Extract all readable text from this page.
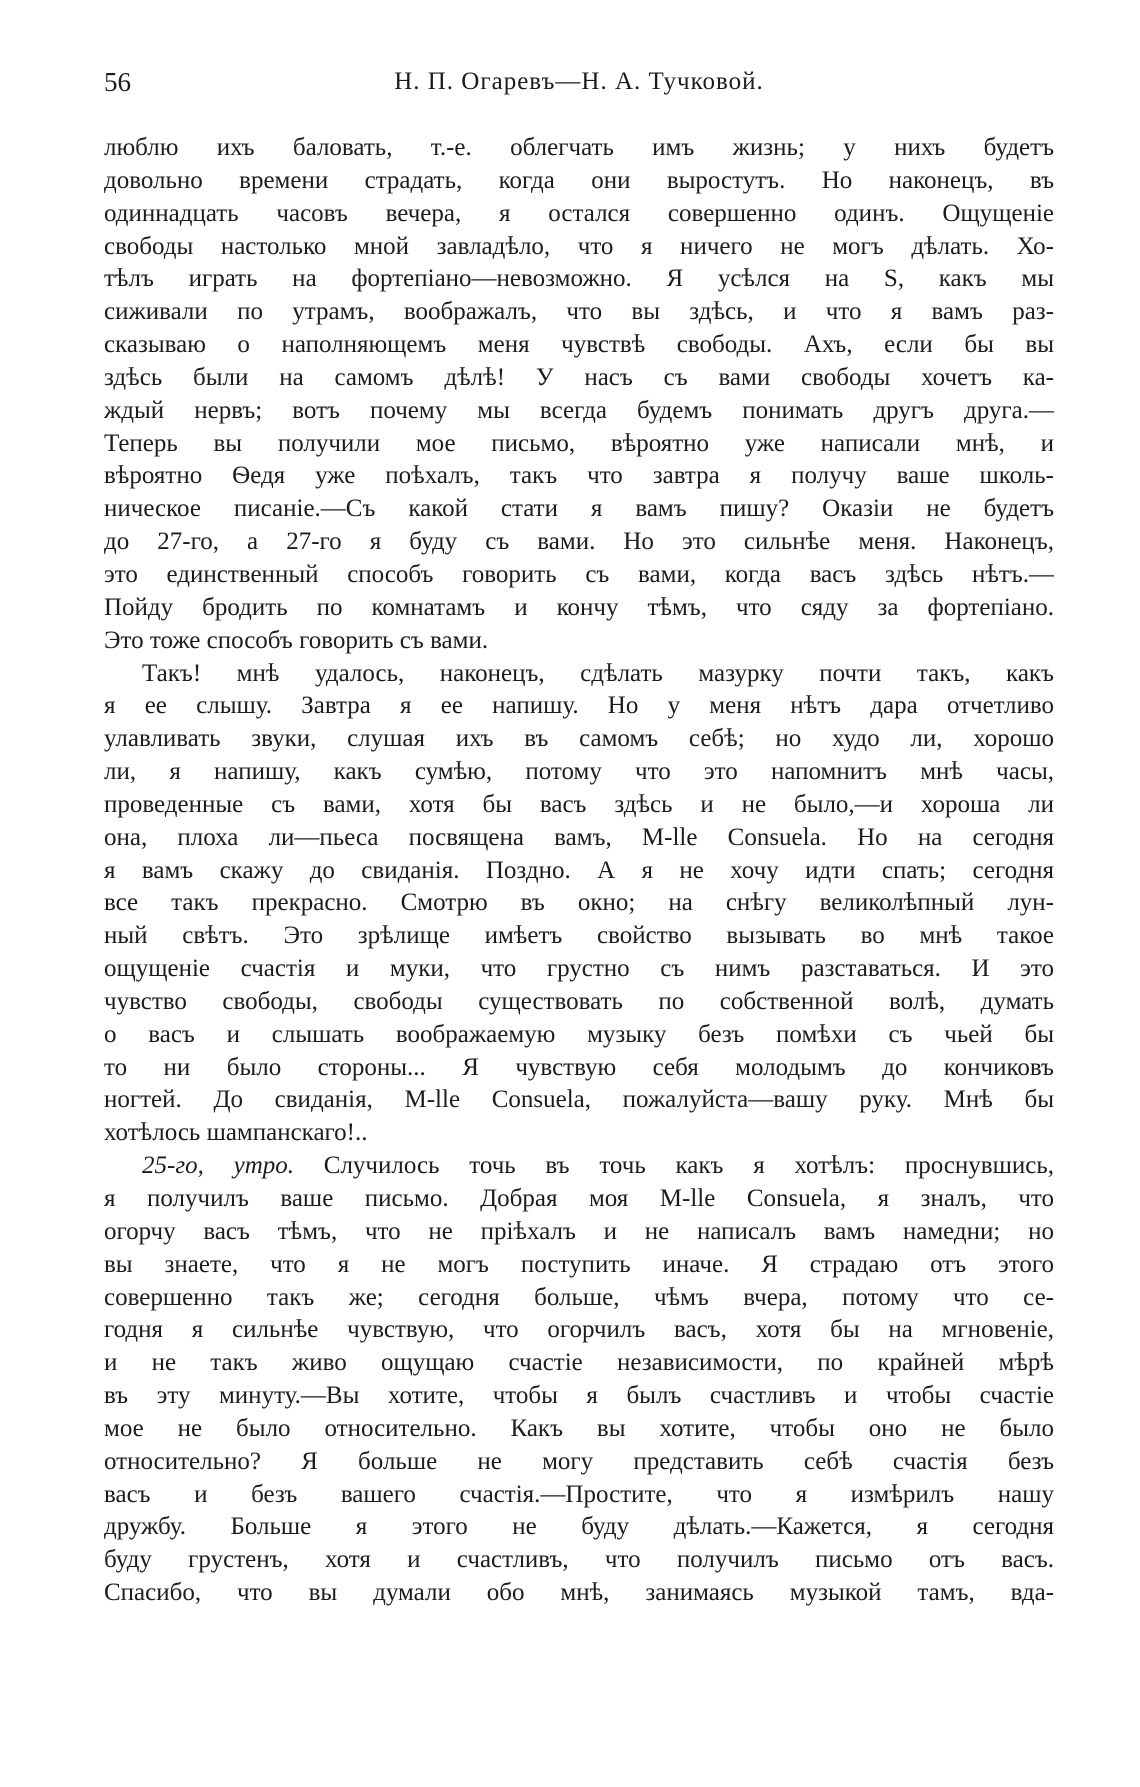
56	Н. П. Огаревъ—Н. А. Тучковой.
люблю ихъ баловать, т.-е. облегчать имъ жизнь; у нихъ будетъ
довольно времени страдать, когда они выростутъ. Но наконецъ, въ
одиннадцать часовъ вечера, я остался совершенно одинъ. Ощущеніе
свободы настолько мной завладѣло, что я ничего не могъ дѣлать. Хо-
тѣлъ играть на фортепіано—невозможно. Я усѣлся на S, какъ мы
сиживали по утрамъ, воображалъ, что вы здѣсь, и что я вамъ раз-
сказываю о наполняющемъ меня чувствѣ свободы. Ахъ, если бы вы
здѣсь были на самомъ дѣлѣ! У насъ съ вами свободы хочетъ ка-
ждый нервъ; вотъ почему мы всегда будемъ понимать другъ друга.—
Теперь вы получили мое письмо, вѣроятно уже написали мнѣ, и
вѣроятно Ѳедя уже поѣхалъ, такъ что завтра я получу ваше школь-
ническое писаніе.—Съ какой стати я вамъ пишу? Оказіи не будетъ
до 27-го, а 27-го я буду съ вами. Но это сильнѣе меня. Наконецъ,
это единственный способъ говорить съ вами, когда васъ здѣсь нѣтъ.—
Пойду бродить по комнатамъ и кончу тѣмъ, что сяду за фортепіано.
Это тоже способъ говорить съ вами.
Такъ! мнѣ удалось, наконецъ, сдѣлать мазурку почти такъ, какъ
я ее слышу. Завтра я ее напишу. Но у меня нѣтъ дара отчетливо
улавливать звуки, слушая ихъ въ самомъ себѣ; но худо ли, хорошо
ли, я напишу, какъ сумѣю, потому что это напомнитъ мнѣ часы,
проведенные съ вами, хотя бы васъ здѣсь и не было,—и хороша ли
она, плоха ли—пьеса посвящена вамъ, M-lle Consuela. Но на сегодня
я вамъ скажу до свиданія. Поздно. А я не хочу идти спать; сегодня
все такъ прекрасно. Смотрю въ окно; на снѣгу великолѣпный лун-
ный свѣтъ. Это зрѣлище имѣетъ свойство вызывать во мнѣ такое
ощущеніе счастія и муки, что грустно съ нимъ разставаться. И это
чувство свободы, свободы существовать по собственной волѣ, думать
о васъ и слышать воображаемую музыку безъ помѣхи съ чьей бы
то ни было стороны... Я чувствую себя молодымъ до кончиковъ
ногтей. До свиданія, M-lle Consuela, пожалуйста—вашу руку. Мнѣ бы
хотѣлось шампанскаго!..
25-го, утро. Случилось точь въ точь какъ я хотѣлъ: проснувшись,
я получилъ ваше письмо. Добрая моя M-lle Consuela, я зналъ, что
огорчу васъ тѣмъ, что не пріѣхалъ и не написалъ вамъ намедни; но
вы знаете, что я не могъ поступить иначе. Я страдаю отъ этого
совершенно такъ же; сегодня больше, чѣмъ вчера, потому что се-
годня я сильнѣе чувствую, что огорчилъ васъ, хотя бы на мгновеніе,
и не такъ живо ощущаю счастіе независимости, по крайней мѣрѣ
въ эту минуту.—Вы хотите, чтобы я былъ счастливъ и чтобы счастіе
мое не было относительно. Какъ вы хотите, чтобы оно не было
относительно? Я больше не могу представить себѣ счастія безъ
васъ и безъ вашего счастія.—Простите, что я измѣрилъ нашу
дружбу. Больше я этого не буду дѣлать.—Кажется, я сегодня
буду грустенъ, хотя и счастливъ, что получилъ письмо отъ васъ.
Спасибо, что вы думали обо мнѣ, занимаясь музыкой тамъ, вда-
